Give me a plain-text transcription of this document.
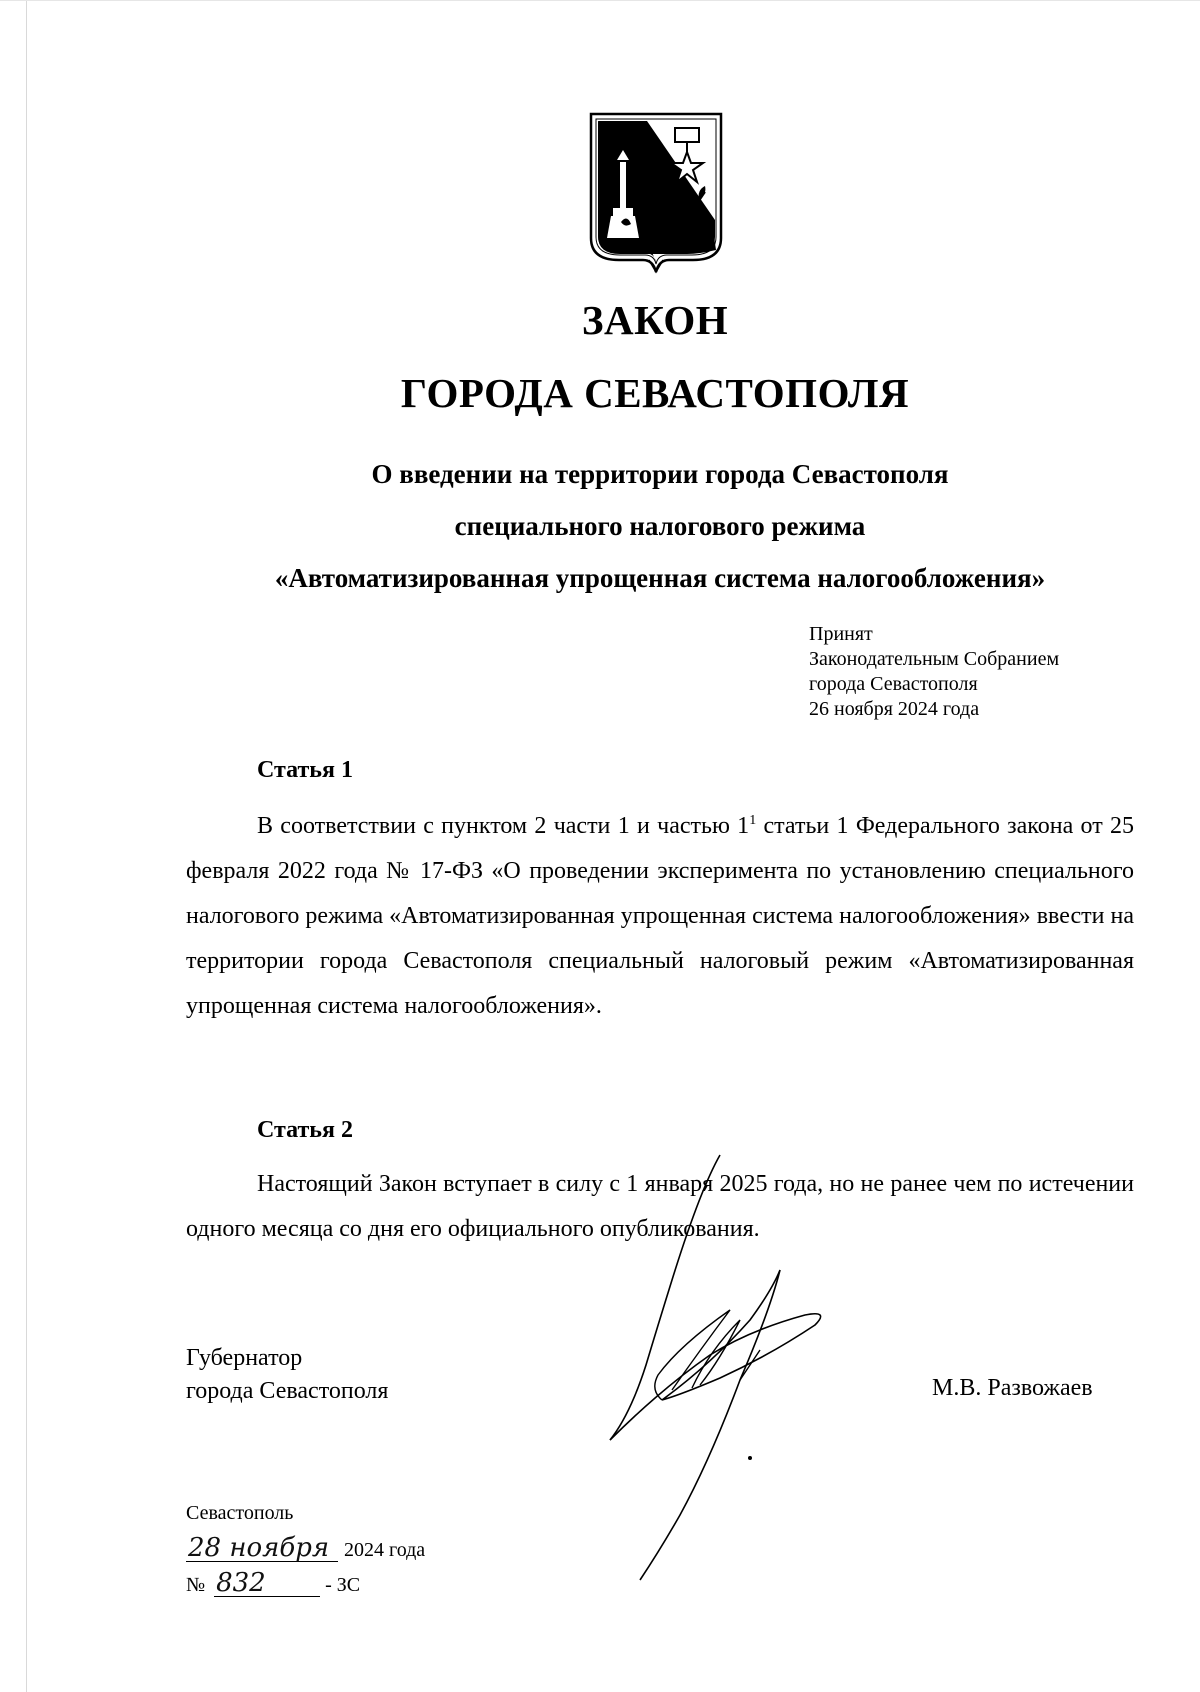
ЗАКОН
ГОРОДА СЕВАСТОПОЛЯ
О введении на территории города Севастополя
специального налогового режима
«Автоматизированная упрощенная система налогообложения»
Принят
Законодательным Собранием
города Севастополя
26 ноября 2024 года
Статья 1
В соответствии с пунктом 2 части 1 и частью $1^1$ статьи 1 Федерального закона от 25 февраля 2022 года № 17-ФЗ «О проведении эксперимента по установлению специального налогового режима «Автоматизированная упрощенная система налогообложения» ввести на территории города Севастополя специальный налоговый режим «Автоматизированная упрощенная система налогообложения».
Статья 2
Настоящий Закон вступает в силу с 1 января 2025 года, но не ранее чем по истечении одного месяца со дня его официального опубликования.
Губернатор
города Севастополя	М.В. Развожаев
Севастополь
28 ноября 2024 года
№ 832	- ЗС
